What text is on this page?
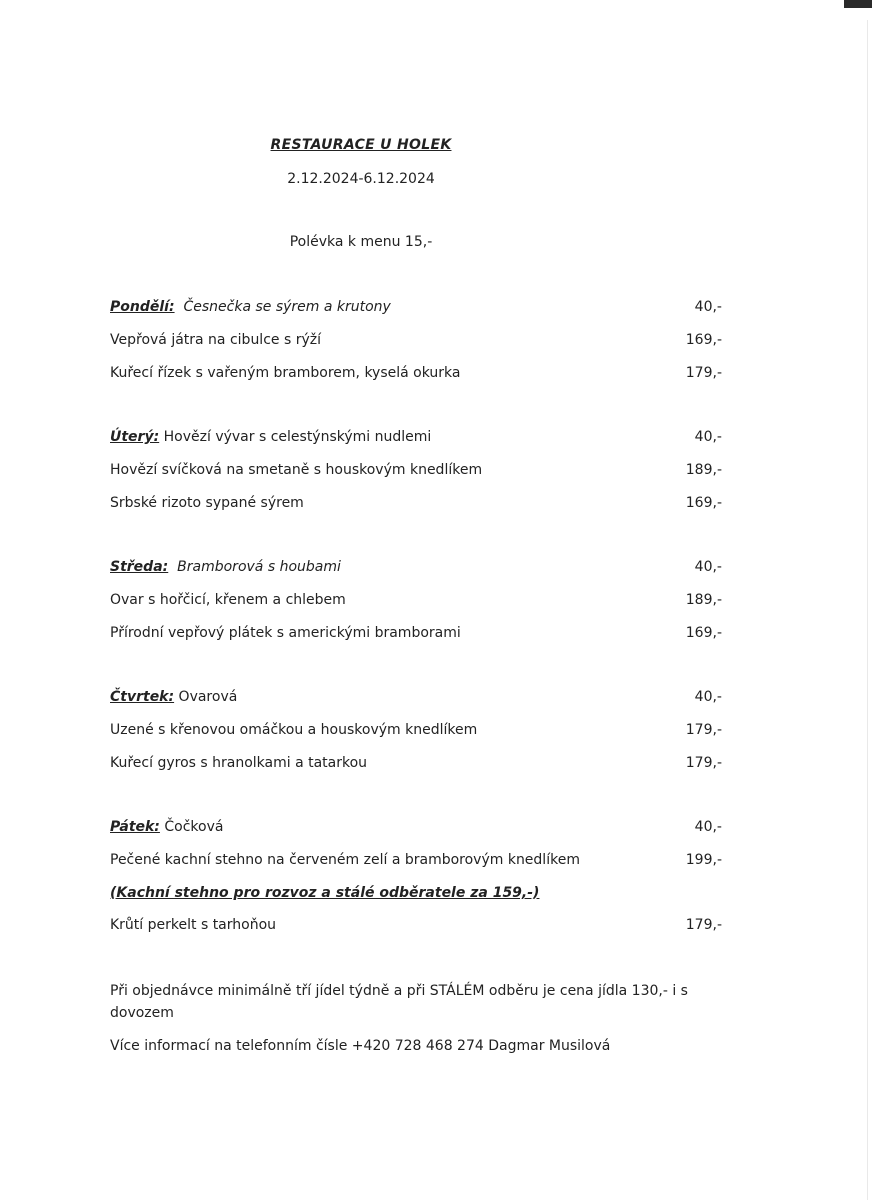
RESTAURACE U HOLEK
2.12.2024-6.12.2024
Polévka k menu 15,-
Pondělí: Česnečka se sýrem a krutony	40,-
Vepřová játra na cibulce s rýží	169,-
Kuřecí řízek s vařeným bramborem, kyselá okurka	179,-
Úterý: Hovězí vývar s celestýnskými nudlemi	40,-
Hovězí svíčková na smetaně s houskovým knedlíkem	189,-
Srbské rizoto sypané sýrem	169,-
Středa: Bramborová s houbami	40,-
Ovar s hořčicí, křenem a chlebem	189,-
Přírodní vepřový plátek s americkými bramborami	169,-
Čtvrtek: Ovarová	40,-
Uzené s křenovou omáčkou a houskovým knedlíkem	179,-
Kuřecí gyros s hranolkami a tatarkou	179,-
Pátek: Čočková	40,-
Pečené kachní stehno na červeném zelí a bramborovým knedlíkem	199,-
(Kachní stehno pro rozvoz a stálé odběratele za 159,-)
Krůtí perkelt s tarhoňou	179,-
Při objednávce minimálně tří jídel týdně a při STÁLÉM odběru je cena jídla 130,- i s dovozem
Více informací na telefonním čísle +420 728 468 274 Dagmar Musilová
